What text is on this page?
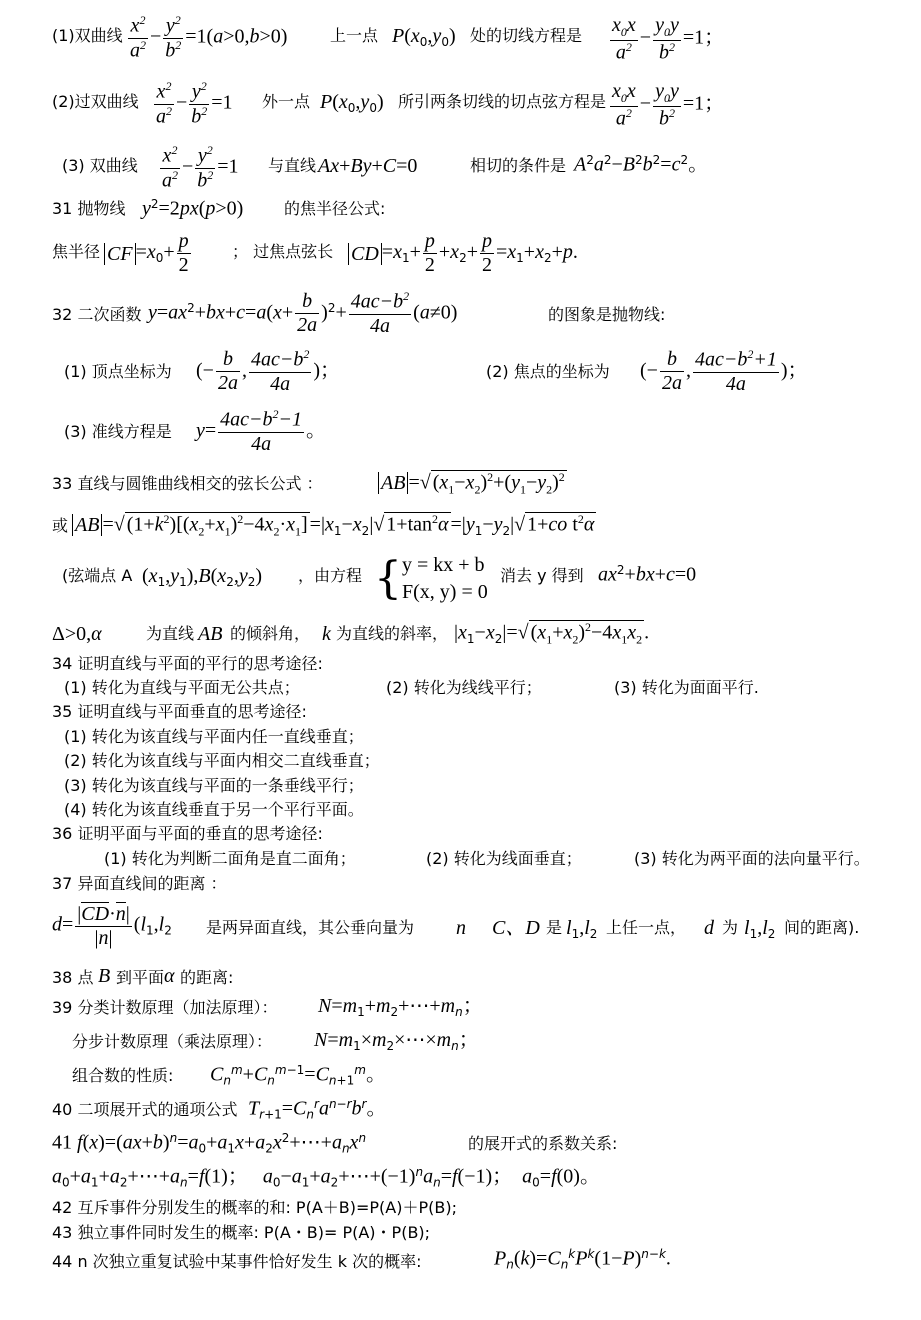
(1)双曲线 $\frac{x^2}{a^2} - \frac{y^2}{b^2} =1(a>0,b>0)$	上一点 $P(x_0,y_0)$ 处的切线方程是 $\frac{x_0x}{a^2} - \frac{y_0y}{b^2} =1$；
(2)过双曲线 $\frac{x^2}{a^2} - \frac{y^2}{b^2} =1$ 外一点 $P(x_0,y_0)$ 所引两条切线的切点弦方程是 $\frac{x_0x}{a^2} - \frac{y_0y}{b^2} =1$；
(3) 双曲线 $\frac{x^2}{a^2} - \frac{y^2}{b^2} =1$ 与直线 Ax+By+C=0	相切的条件是 $A^2a^2-B^2b^2=c^2$。
31 抛物线 $y^2=2px(p>0)$	的焦半径公式:
焦半径 CF $=x_0+ \frac{p}{2}$	； 过焦点弦长 CD $=x_1+ \frac{p}{2} +x_2+ \frac{p}{2} =x_1+x_2+p$.
32 二次函数 $y=ax^2+bx+c=a(x+ \frac{b}{2a} )^2+ \frac{4ac-b^2}{4a} (a\ne 0)$	的图象是抛物线:
(1) 顶点坐标为 (− $\frac{b}{2a}$ , $\frac{4ac-b^2}{4a}$ )；	(2) 焦点的坐标为 (− $\frac{b}{2a}$ , $\frac{4ac-b^2+1}{4a}$ )；
(3) 准线方程是 $y= \frac{4ac-b^2-1}{4a}$ 。
33 直线与圆锥曲线相交的弦长公式 ：	AB =√ $(x_1-x_2)^2+(y_1-y_2)^2$
或 AB =√ $(1+k^2)[(x_2+x_1)^2-4x_2\cdot x_1] =|x_1-x_2|√$ $1+\tan^2\alpha =|y_1-y_2|√$ 1+co $t^2\alpha$
(弦端点 A $(x_1,y_1),B(x_2,y_2)$ ，由方程 { y = kx + b
F(x, y) = 0
消去 y 得到 $ax^2+bx+c=0$
Δ>0,α	为直线 AB 的倾斜角， k 为直线的斜率， $|x_1-x_2|=√$ $(x_1+x_2)^2-4x_1x_2$ .
34 证明直线与平面的平行的思考途径:
(1) 转化为直线与平面无公共点；	(2) 转化为线线平行；	(3) 转化为面面平行.
35 证明直线与平面垂直的思考途径:
(1) 转化为该直线与平面内任一直线垂直；
(2) 转化为该直线与平面内相交二直线垂直；
(3) 转化为该直线与平面的一条垂线平行；
(4) 转化为该直线垂直于另一个平行平面。
36 证明平面与平面的垂直的思考途径:
(1) 转化为判断二面角是直二面角；	(2) 转化为线面垂直；	(3) 转化为两平面的法向量平行。
37 异面直线间的距离 ：
$d= \frac{|CD\cdot n|}{|n|} (l_1,l_2$ 是两异面直线，其公垂向量为 n C、D 是 $l_1,l_2$ 上任一点， d 为 $l_1,l_2$ 间的距离).
38 点 B 到平面 α 的距离:
39 分类计数原理（加法原理）： $N=m_1+m_2+\cdots+m_n$；
分步计数原理（乘法原理）： $N=m_1\times m_2\times\cdots\times m_n$；
组合数的性质: $C_n^m+C_n^{m-1}=C_{n+1}^m$。
40 二项展开式的通项公式 $T_{r+1}=C_n^ra^{n-r}b^r$。
41 $f(x)=(ax+b)^n=a_0+a_1x+a_2x^2+\cdots+a_nx^n$	的展开式的系数关系:
$a_0+a_1+a_2+\cdots+a_n=f(1)$；   $a_0-a_1+a_2+\cdots+(-1)^na_n=f(-1)$；  $a_0=f(0)$。
42 互斥事件分别发生的概率的和: P(A＋B)=P(A)＋P(B);
43 独立事件同时发生的概率: P(A・B)= P(A)・P(B);
44 n 次独立重复试验中某事件恰好发生 k 次的概率:	$P_n(k)=C_n^kP^k(1-P)^{n-k}$.
